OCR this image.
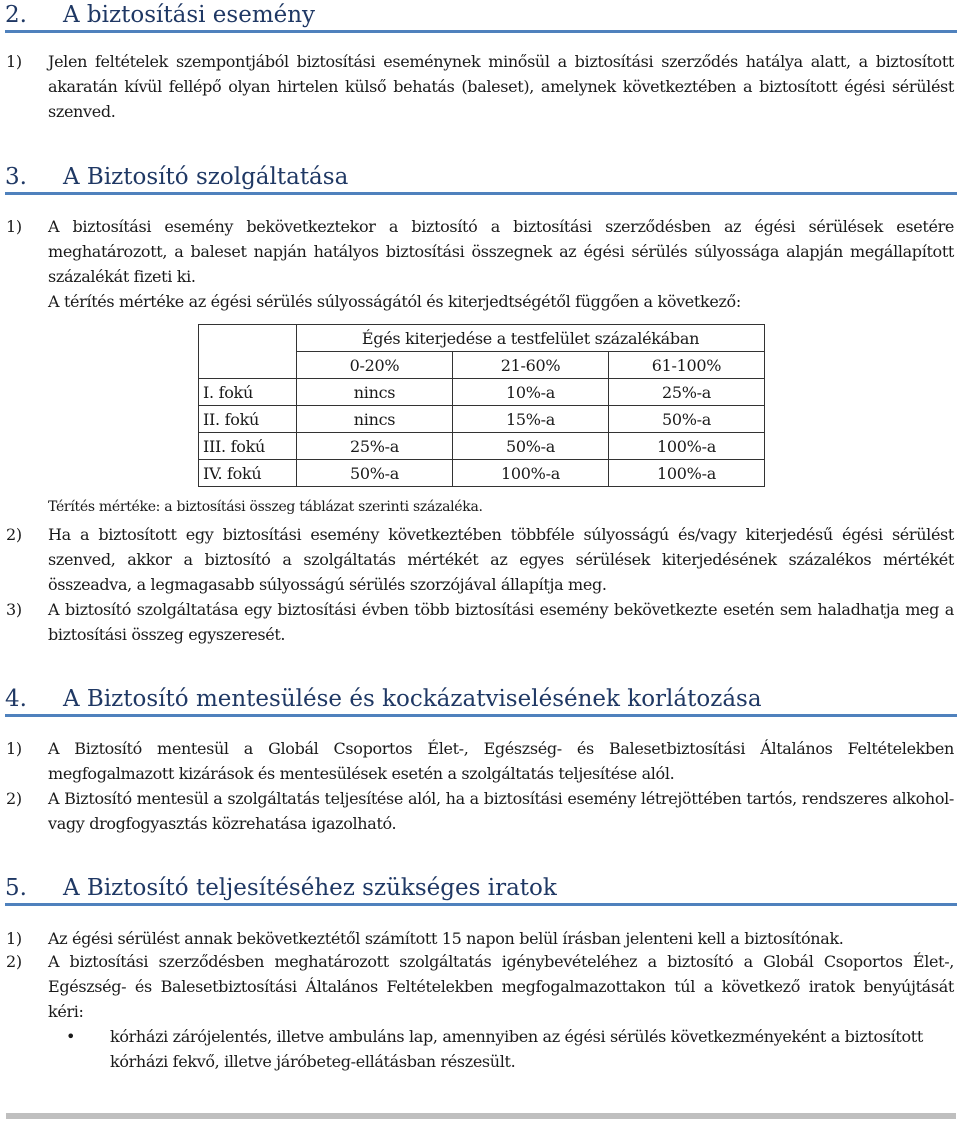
2. A biztosítási esemény
1) Jelen feltételek szempontjából biztosítási eseménynek minősül a biztosítási szerződés hatálya alatt, a biztosított akaratán kívül fellépő olyan hirtelen külső behatás (baleset), amelynek következtében a biztosított égési sérülést szenved.
3. A Biztosító szolgáltatása
1) A biztosítási esemény bekövetkeztekor a biztosító a biztosítási szerződésben az égési sérülések esetére meghatározott, a baleset napján hatályos biztosítási összegnek az égési sérülés súlyossága alapján megállapított százalékát fizeti ki.
A térítés mértéke az égési sérülés súlyosságától és kiterjedtségétől függően a következő:
	Égés kiterjedése a testfelület százalékában		
	0-20%	21-60%	61-100%
I. fokú	nincs	10%-a	25%-a
II. fokú	nincs	15%-a	50%-a
III. fokú	25%-a	50%-a	100%-a
IV. fokú	50%-a	100%-a	100%-a
Térítés mértéke: a biztosítási összeg táblázat szerinti százaléka.
2) Ha a biztosított egy biztosítási esemény következtében többféle súlyosságú és/vagy kiterjedésű égési sérülést szenved, akkor a biztosító a szolgáltatás mértékét az egyes sérülések kiterjedésének százalékos mértékét összeadva, a legmagasabb súlyosságú sérülés szorzójával állapítja meg.
3) A biztosító szolgáltatása egy biztosítási évben több biztosítási esemény bekövetkezte esetén sem haladhatja meg a biztosítási összeg egyszeresét.
4. A Biztosító mentesülése és kockázatviselésének korlátozása
1) A Biztosító mentesül a Globál Csoportos Élet-, Egészség- és Balesetbiztosítási Általános Feltételekben megfogalmazott kizárások és mentesülések esetén a szolgáltatás teljesítése alól.
2) A Biztosító mentesül a szolgáltatás teljesítése alól, ha a biztosítási esemény létrejöttében tartós, rendszeres alkohol- vagy drogfogyasztás közrehatása igazolható.
5. A Biztosító teljesítéséhez szükséges iratok
1) Az égési sérülést annak bekövetkeztétől számított 15 napon belül írásban jelenteni kell a biztosítónak.
2) A biztosítási szerződésben meghatározott szolgáltatás igénybevételéhez a biztosító a Globál Csoportos Élet-, Egészség- és Balesetbiztosítási Általános Feltételekben megfogalmazottakon túl a következő iratok benyújtását kéri:
• kórházi zárójelentés, illetve ambuláns lap, amennyiben az égési sérülés következményeként a biztosított kórházi fekvő, illetve járóbeteg-ellátásban részesült.
